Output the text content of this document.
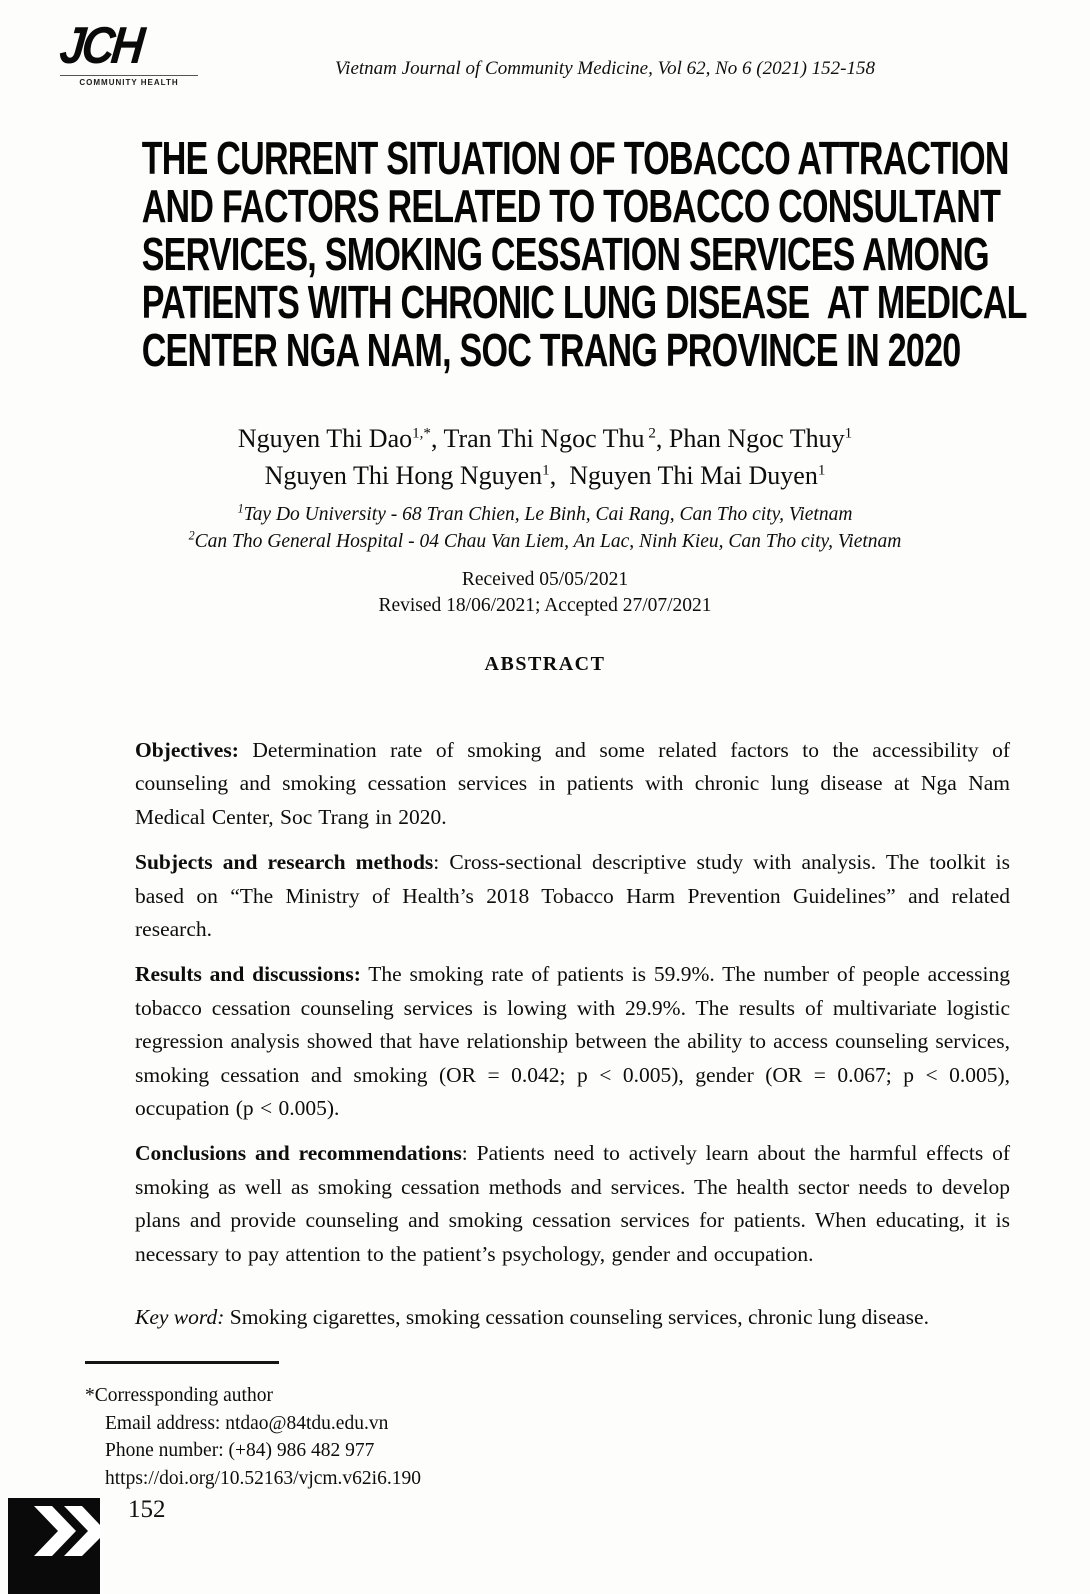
JCH
COMMUNITY HEALTH
Vietnam Journal of Community Medicine, Vol 62, No 6 (2021) 152-158
THE CURRENT SITUATION OF TOBACCO ATTRACTION
AND FACTORS RELATED TO TOBACCO CONSULTANT
SERVICES, SMOKING CESSATION SERVICES AMONG
PATIENTS WITH CHRONIC LUNG DISEASE  AT MEDICAL
CENTER NGA NAM, SOC TRANG PROVINCE IN 2020
Nguyen Thi Dao$^{1,*}$, Tran Thi Ngoc Thu $^2$, Phan Ngoc Thuy$^1$
Nguyen Thi Hong Nguyen$^1$,  Nguyen Thi Mai Duyen$^1$
$^1$Tay Do University - 68 Tran Chien, Le Binh, Cai Rang, Can Tho city, Vietnam
$^2$Can Tho General Hospital - 04 Chau Van Liem, An Lac, Ninh Kieu, Can Tho city, Vietnam
Received 05/05/2021
Revised 18/06/2021; Accepted 27/07/2021
ABSTRACT

Objectives: Determination rate of smoking and some related factors to the accessibility of counseling and smoking cessation services in patients with chronic lung disease at Nga Nam Medical Center, Soc Trang in 2020.

Subjects and research methods: Cross-sectional descriptive study with analysis. The toolkit is based on “The Ministry of Health’s 2018 Tobacco Harm Prevention Guidelines” and related research.

Results and discussions: The smoking rate of patients is 59.9%. The number of people accessing tobacco cessation counseling services is lowing with 29.9%. The results of multivariate logistic regression analysis showed that have relationship between the ability to access counseling services, smoking cessation and smoking (OR = 0.042; p < 0.005), gender (OR = 0.067; p < 0.005), occupation (p < 0.005).

Conclusions and recommendations: Patients need to actively learn about the harmful effects of smoking as well as smoking cessation methods and services. The health sector needs to develop plans and provide counseling and smoking cessation services for patients. When educating, it is necessary to pay attention to the patient’s psychology, gender and occupation.

Key word: Smoking cigarettes, smoking cessation counseling services, chronic lung disease.
*Corressponding author
Email address: ntdao@84tdu.edu.vn
Phone number: (+84) 986 482 977
https://doi.org/10.52163/vjcm.v62i6.190
152
